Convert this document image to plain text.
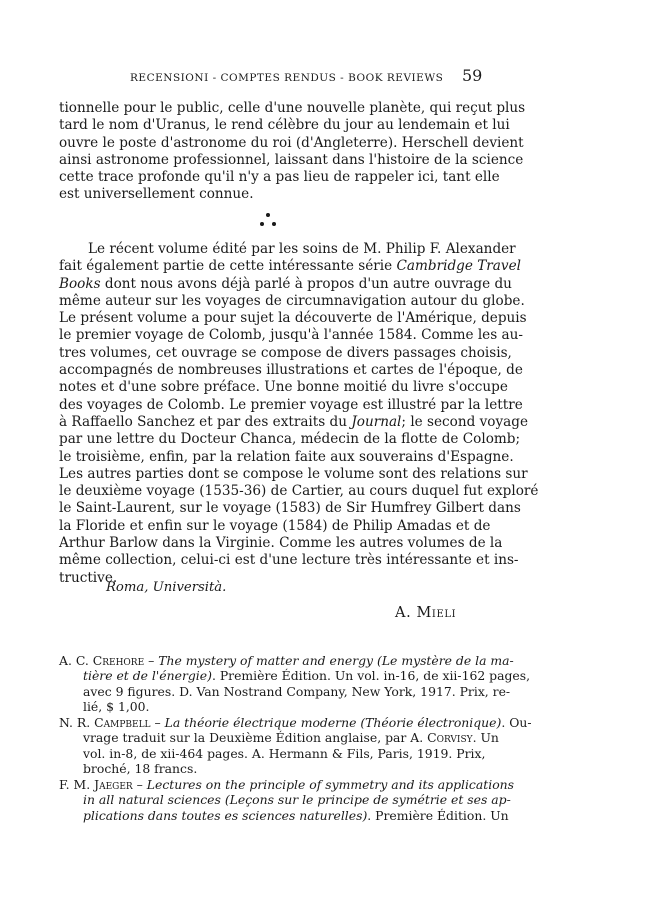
RECENSIONI - COMPTES RENDUS - BOOK REVIEWS 59
tionnelle pour le public, celle d'une nouvelle planète, qui reçut plus
tard le nom d'Uranus, le rend célèbre du jour au lendemain et lui
ouvre le poste d'astronome du roi (d'Angleterre). Herschell devient
ainsi astronome professionnel, laissant dans l'histoire de la science
cette trace profonde qu'il n'y a pas lieu de rappeler ici, tant elle
est universellement connue.
Le récent volume édité par les soins de M. Philip F. Alexander
fait également partie de cette intéressante série Cambridge Travel
Books dont nous avons déjà parlé à propos d'un autre ouvrage du
même auteur sur les voyages de circumnavigation autour du globe.
Le présent volume a pour sujet la découverte de l'Amérique, depuis
le premier voyage de Colomb, jusqu'à l'année 1584. Comme les au-
tres volumes, cet ouvrage se compose de divers passages choisis,
accompagnés de nombreuses illustrations et cartes de l'époque, de
notes et d'une sobre préface. Une bonne moitié du livre s'occupe
des voyages de Colomb. Le premier voyage est illustré par la lettre
à Raffaello Sanchez et par des extraits du Journal; le second voyage
par une lettre du Docteur Chanca, médecin de la flotte de Colomb;
le troisième, enfin, par la relation faite aux souverains d'Espagne.
Les autres parties dont se compose le volume sont des relations sur
le deuxième voyage (1535-36) de Cartier, au cours duquel fut exploré
le Saint-Laurent, sur le voyage (1583) de Sir Humfrey Gilbert dans
la Floride et enfin sur le voyage (1584) de Philip Amadas et de
Arthur Barlow dans la Virginie. Comme les autres volumes de la
même collection, celui-ci est d'une lecture très intéressante et ins-
tructive.
Roma, Università.
A. Mieli
A. C. Crehore – The mystery of matter and energy (Le mystère de la ma-
tière et de l'énergie). Première Édition. Un vol. in-16, de xii-162 pages,
avec 9 figures. D. Van Nostrand Company, New York, 1917. Prix, re-
lié, $ 1,00.
N. R. Campbell – La théorie électrique moderne (Théorie électronique). Ou-
vrage traduit sur la Deuxième Édition anglaise, par A. Corvisy. Un
vol. in-8, de xii-464 pages. A. Hermann & Fils, Paris, 1919. Prix,
broché, 18 francs.
F. M. Jaeger – Lectures on the principle of symmetry and its applications
in all natural sciences (Leçons sur le principe de symétrie et ses ap-
plications dans toutes es sciences naturelles). Première Édition. Un
